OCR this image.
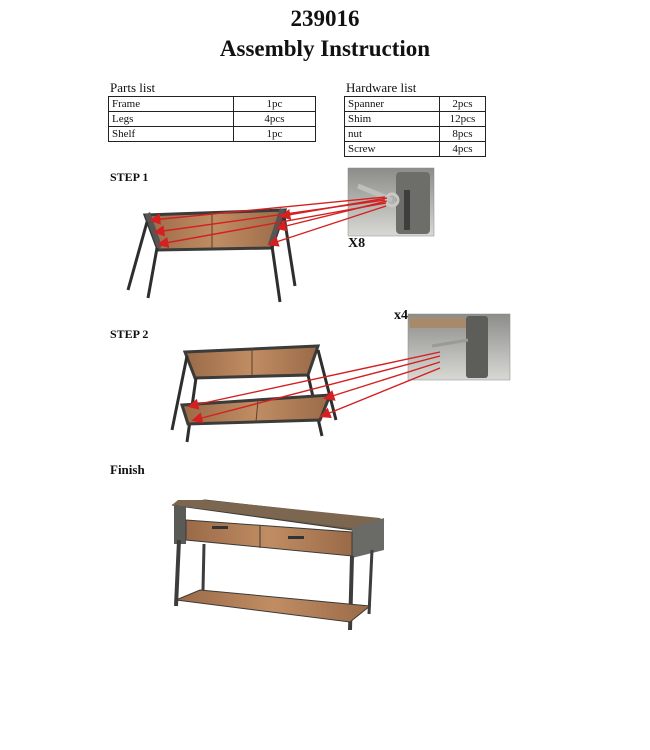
239016
Assembly Instruction
Parts list
Frame	1pc
Legs	4pcs
Shelf	1pc
Hardware list
Spanner	2pcs
Shim	12pcs
nut	8pcs
Screw	4pcs
STEP 1
X8
STEP 2
x4
Finish
